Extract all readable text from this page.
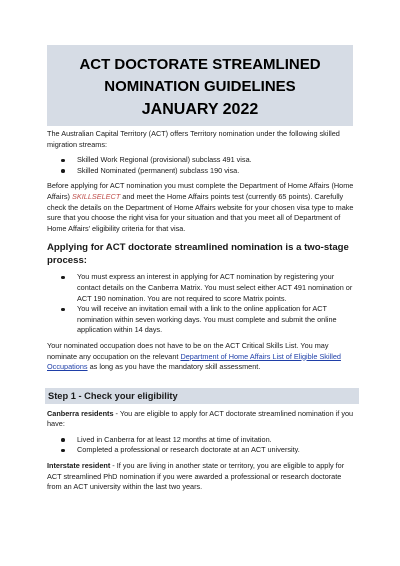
ACT DOCTORATE STREAMLINED
NOMINATION GUIDELINES
JANUARY 2022

The Australian Capital Territory (ACT) offers Territory nomination under the following skilled migration streams:

Skilled Work Regional (provisional) subclass 491 visa.
Skilled Nominated (permanent) subclass 190 visa.

Before applying for ACT nomination you must complete the Department of Home Affairs (Home Affairs) SKILLSELECT and meet the Home Affairs points test (currently 65 points). Carefully check the details on the Department of Home Affairs website for your chosen visa type to make sure that you choose the right visa for your situation and that you meet all of Department of Home Affairs' eligibility criteria for that visa.

Applying for ACT doctorate streamlined nomination is a two-stage process:
You must express an interest in applying for ACT nomination by registering your contact details on the Canberra Matrix. You must select either ACT 491 nomination or ACT 190 nomination. You are not required to score Matrix points.
You will receive an invitation email with a link to the online application for ACT nomination within seven working days. You must complete and submit the online application within 14 days.

Your nominated occupation does not have to be on the ACT Critical Skills List. You may nominate any occupation on the relevant Department of Home Affairs List of Eligible Skilled Occupations as long as you have the mandatory skill assessment.

Step 1 - Check your eligibility

Canberra residents - You are eligible to apply for ACT doctorate streamlined nomination if you have:

Lived in Canberra for at least 12 months at time of invitation.
Completed a professional or research doctorate at an ACT university.

Interstate resident - If you are living in another state or territory, you are eligible to apply for ACT streamlined PhD nomination if you were awarded a professional or research doctorate from an ACT university within the last two years.
